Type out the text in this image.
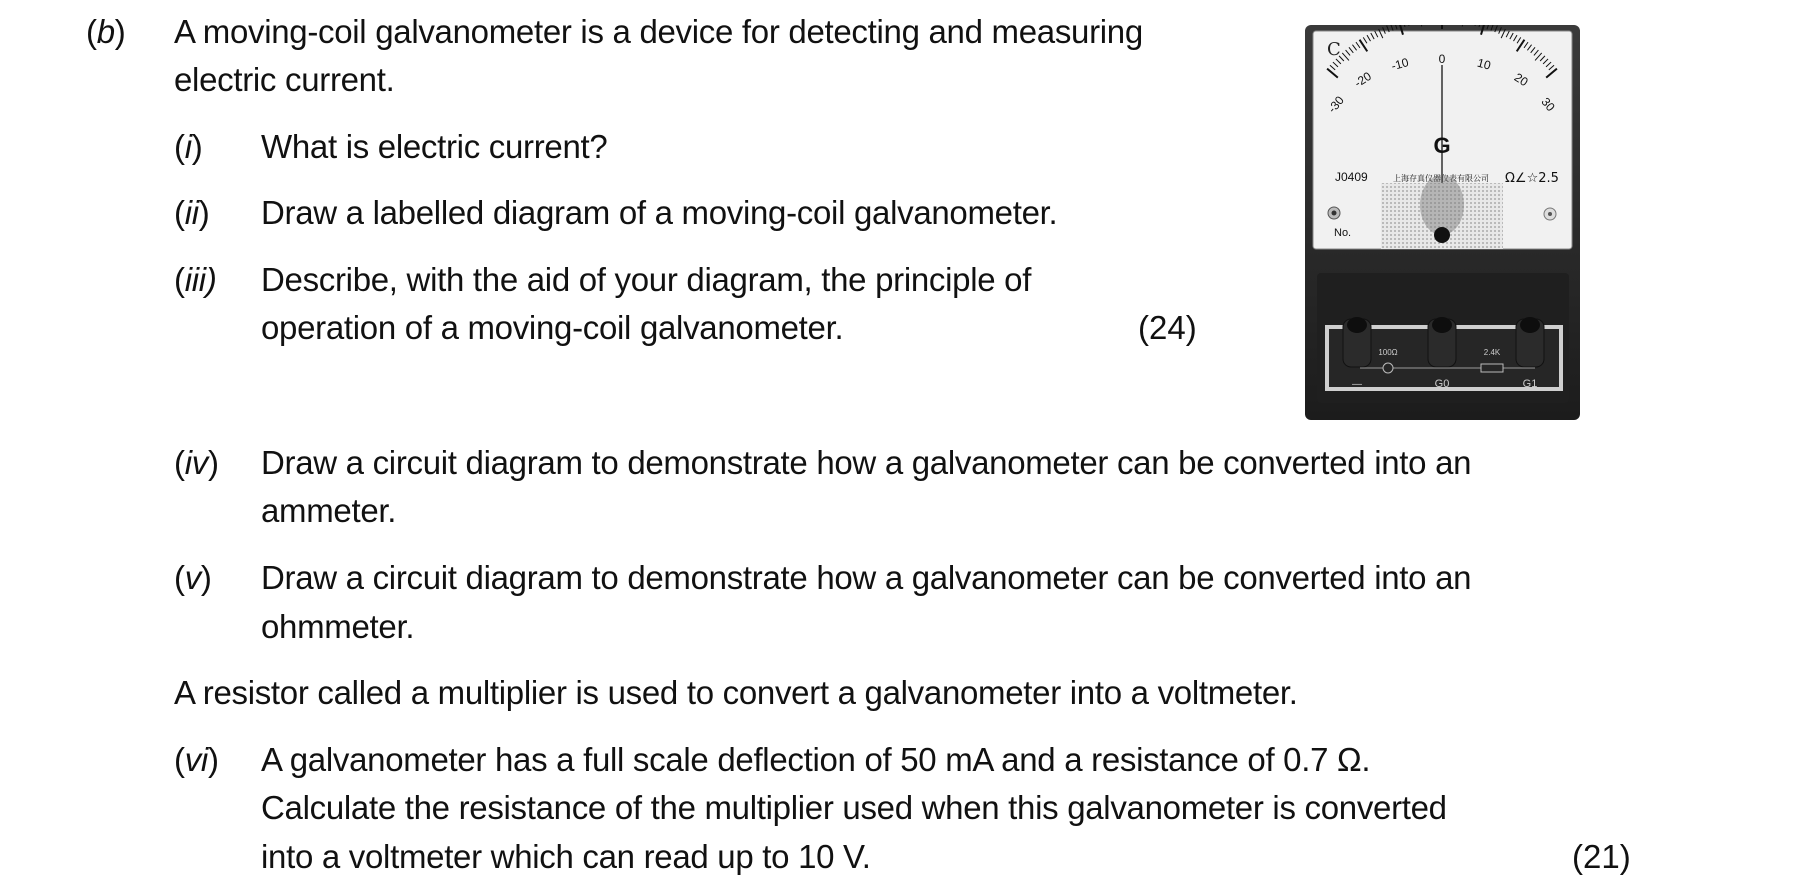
(b) A moving-coil galvanometer is a device for detecting and measuring
electric current.
(i) What is electric current?
(ii) Draw a labelled diagram of a moving-coil galvanometer.
(iii) Describe, with the aid of your diagram, the principle of
operation of a moving-coil galvanometer.	(24)
(iv) Draw a circuit diagram to demonstrate how a galvanometer can be converted into an
ammeter.
(v) Draw a circuit diagram to demonstrate how a galvanometer can be converted into an
ohmmeter.
A resistor called a multiplier is used to convert a galvanometer into a voltmeter.
(vi) A galvanometer has a full scale deflection of 50 mA and a resistance of 0.7 Ω.
Calculate the resistance of the multiplier used when this galvanometer is converted
into a voltmeter which can read up to 10 V.	(21)
C
-30
-20
-10 0	10
20
30
G
J0409	上海存真仪器仪表有限公司 Ω∠☆2.5
No.
100Ω	2.4K
—	G0	G1
